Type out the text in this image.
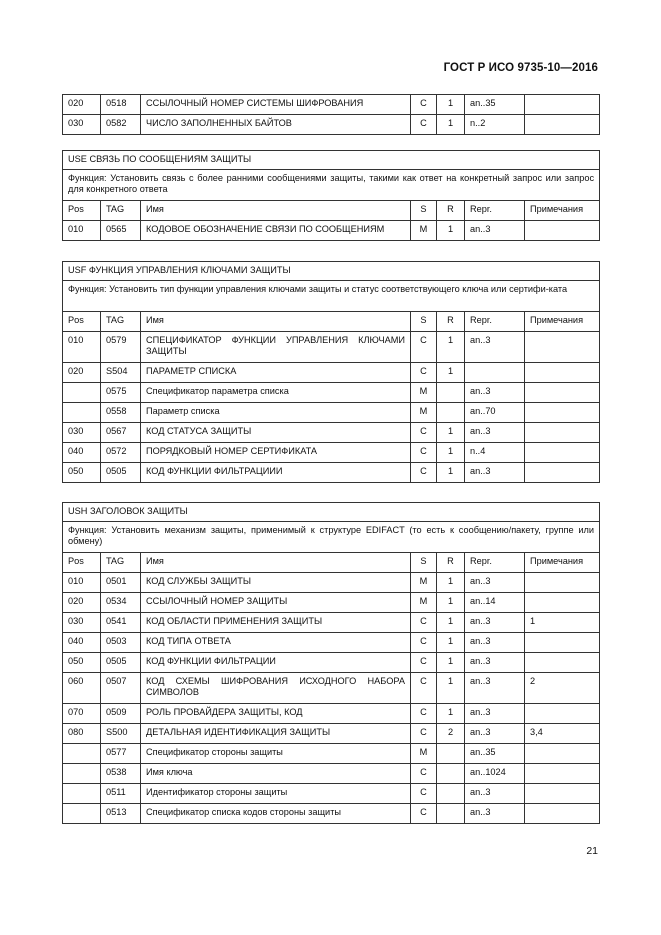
ГОСТ Р ИСО 9735-10—2016
020	0518	ССЫЛОЧНЫЙ НОМЕР СИСТЕМЫ ШИФРОВАНИЯ	C	1	an..35	
030	0582	ЧИСЛО ЗАПОЛНЕННЫХ БАЙТОВ	C	1	n..2	
USE СВЯЗЬ ПО СООБЩЕНИЯМ ЗАЩИТЫ						
Функция: Установить связь с более ранними сообщениями защиты, такими как ответ на конкретный запрос или запрос для конкретного ответа						
Pos	TAG	Имя	S	R	Repr.	Примечания
010	0565	КОДОВОЕ ОБОЗНАЧЕНИЕ СВЯЗИ ПО СООБЩЕНИЯМ	M	1	an..3	
USF ФУНКЦИЯ УПРАВЛЕНИЯ КЛЮЧАМИ ЗАЩИТЫ						
Функция: Установить тип функции управления ключами защиты и статус соответствующего ключа или сертифи-ката						
Pos	TAG	Имя	S	R	Repr.	Примечания
010	0579	СПЕЦИФИКАТОР ФУНКЦИИ УПРАВЛЕНИЯ КЛЮЧАМИ ЗАЩИТЫ	C	1	an..3	
020	S504	ПАРАМЕТР СПИСКА	C	1		
	0575	Спецификатор параметра списка	M		an..3	
	0558	Параметр списка	M		an..70	
030	0567	КОД СТАТУСА ЗАЩИТЫ	C	1	an..3	
040	0572	ПОРЯДКОВЫЙ НОМЕР СЕРТИФИКАТА	C	1	n..4	
050	0505	КОД ФУНКЦИИ ФИЛЬТРАЦИИИ	C	1	an..3	
USH ЗАГОЛОВОК ЗАЩИТЫ						
Функция: Установить механизм защиты, применимый к структуре EDIFACT (то есть к сообщению/пакету, группе или обмену)						
Pos	TAG	Имя	S	R	Repr.	Примечания
010	0501	КОД СЛУЖБЫ ЗАЩИТЫ	M	1	an..3	
020	0534	ССЫЛОЧНЫЙ НОМЕР ЗАЩИТЫ	M	1	an..14	
030	0541	КОД ОБЛАСТИ ПРИМЕНЕНИЯ ЗАЩИТЫ	C	1	an..3	1
040	0503	КОД ТИПА ОТВЕТА	C	1	an..3	
050	0505	КОД ФУНКЦИИ ФИЛЬТРАЦИИ	C	1	an..3	
060	0507	КОД СХЕМЫ ШИФРОВАНИЯ ИСХОДНОГО НАБОРА СИМВОЛОВ	C	1	an..3	2
070	0509	РОЛЬ ПРОВАЙДЕРА ЗАЩИТЫ, КОД	C	1	an..3	
080	S500	ДЕТАЛЬНАЯ ИДЕНТИФИКАЦИЯ ЗАЩИТЫ	C	2	an..3	3,4
	0577	Спецификатор стороны защиты	M		an..35	
	0538	Имя ключа	C		an..1024	
	0511	Идентификатор стороны защиты	C		an..3	
	0513	Спецификатор списка кодов стороны защиты	C		an..3	
21
